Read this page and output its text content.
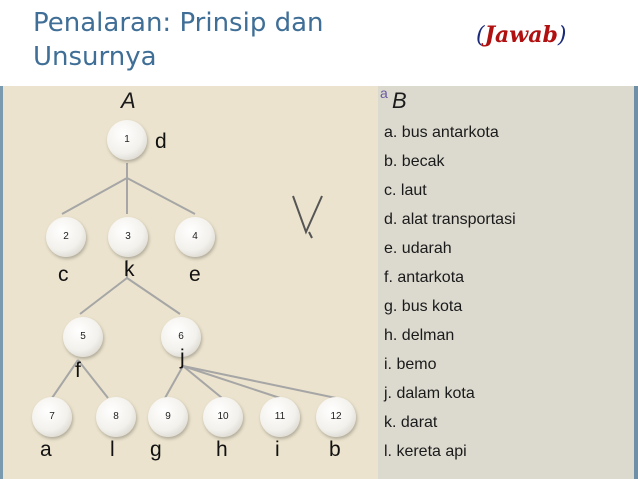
Penalaran: Prinsip dan Unsurnya
(Jawab)
A	a B
1	d
2
c
3
k
4
e
5
f
6
j
7
a
8
l
9
g
10
h
11
i
12
b
a. bus antarkota
b. becak
c. laut
d. alat transportasi
e. udarah
f. antarkota
g. bus kota
h. delman
i. bemo
j. dalam kota
k. darat
l. kereta api
